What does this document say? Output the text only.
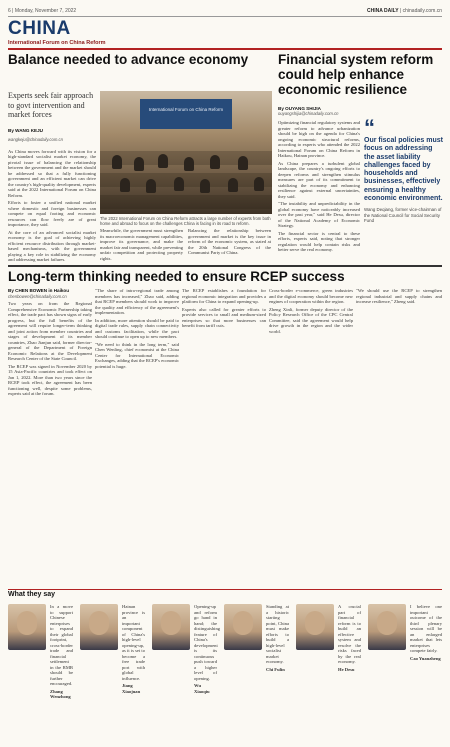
6 | Monday, November 7, 2022	CHINA DAILY | chinadaily.com.cn
CHINA
International Forum on China Reform
Balance needed to advance economy
Experts seek fair approach to govt intervention and market forces
By WANG KEJU
wangkeju@chinadaily.com.cn

As China moves forward with its vision for a high-standard socialist market economy, the pivotal issue of balancing the relationship between the government and the market should be addressed so that a fully functioning government and an efficient market can drive the country's high-quality development, experts said at the 2022 International Forum on China Reform.

Efforts to foster a unified national market where domestic and foreign businesses can compete on equal footing and economic resources can flow freely are of great importance, they said.

At the core of an advanced socialist market economy is the goal of achieving highly efficient resource distribution through market-based mechanisms, with the government playing a key role in stabilizing the economy and addressing market failures.

International Forum on China Reform
The 2022 International Forum on China Reform attracts a large number of experts from both home and abroad to focus on the challenges China is facing in its road to reform.

Meanwhile, the government must strengthen its macroeconomic management capabilities, improve its governance, and make the market fair and transparent, while preventing unfair competition and protecting property rights.

Balancing the relationship between government and market is the key issue in reform of the economic system, as stated at the 20th National Congress of the Communist Party of China.

Financial system reform could help enhance economic resilience
By OUYANG SHIJIA
ouyangshijia@chinadaily.com.cn

Optimizing financial regulatory systems and greater reform to advance urbanization should be high on the agenda for China's ongoing economic structural reforms, according to experts who attended the 2022 International Forum on China Reform in Haikou, Hainan province.

As China prepares a turbulent global landscape, the country's ongoing efforts to deepen reforms and strengthen stimulus measures are part of its commitment to stabilizing the economy and enhancing resilience against external uncertainties, they said.

"The instability and unpredictability in the global economy have noticeably increased over the past year," said He Desu, director of the National Academy of Economic Strategy.

The financial sector is central to these efforts, experts said, noting that stronger regulation would help contain risks and better serve the real economy.

“
Our fiscal policies must focus on addressing the asset liability challenges faced by households and businesses, effectively ensuring a healthy economic environment.
Wang Deqiang, former vice-chairman of the National Council for Social Security Fund
Long-term thinking needed to ensure RCEP success
By CHEN BOWEN in Haikou
chenbowen@chinadaily.com.cn

Two years on from the Regional Comprehensive Economic Partnership taking effect, the trade pact has shown signs of early progress, but the full benefits of the agreement will require longer-term thinking and joint action from member countries and stages of development of its member countries, Zhao Jianjun said, former director-general of the Department of Foreign Economic Relations at the Development Research Center of the State Council.

The RCEP was signed in November 2020 by 15 Asia-Pacific countries and took effect on Jan 1, 2022. More than two years since the RCEP took effect, the agreement has been functioning well, despite some problems, experts said at the forum.

"The share of intra-regional trade among members has increased," Zhao said, adding that RCEP members should work to improve the quality and efficiency of the agreement's implementation.

In addition, more attention should be paid to digital trade rules, supply chain connectivity and customs facilitation, while the pact should continue to open up to new members.

"We need to think in the long term," said Chen Wenling, chief economist at the China Center for International Economic Exchanges, adding that the RCEP's economic potential is huge.

The RCEP establishes a foundation for regional economic integration and provides a platform for China to expand opening-up.

Experts also called for greater efforts to provide services to small and medium-sized enterprises so that more businesses can benefit from tariff cuts.

Cross-border e-commerce, green industries and the digital economy should become new engines of cooperation within the region.

Zheng Xinli, former deputy director of the Policy Research Office of the CPC Central Committee, said the agreement would help drive growth in the region and the wider world.

"We should use the RCEP to strengthen regional industrial and supply chains and increase resilience," Zheng said.

What they say

In a move to support Chinese enterprises to expand their global footprint, cross-border trade and financial settlement in the RMB should be further encouraged.

Zhang Wenzhong

Hainan province is an important component of China's high-level opening-up, as it is set to become a free trade port with global influence.

Jiang Xiaojuan

Opening-up and reform go hand in hand; the distinguishing feature of China's development is its continuous push toward a higher level of opening.

Wu Xiaoqiu

Standing at a historic starting point, China must make efforts to build a high-level socialist market economy.

Chi Fulin

A crucial part of financial reform is to build an effective system and resolve the risks faced by the real economy.

He Desu

I believe one important outcome of the third plenary session will be an enlarged market that lets enterprises compete fairly.

Cao Yuanzheng
